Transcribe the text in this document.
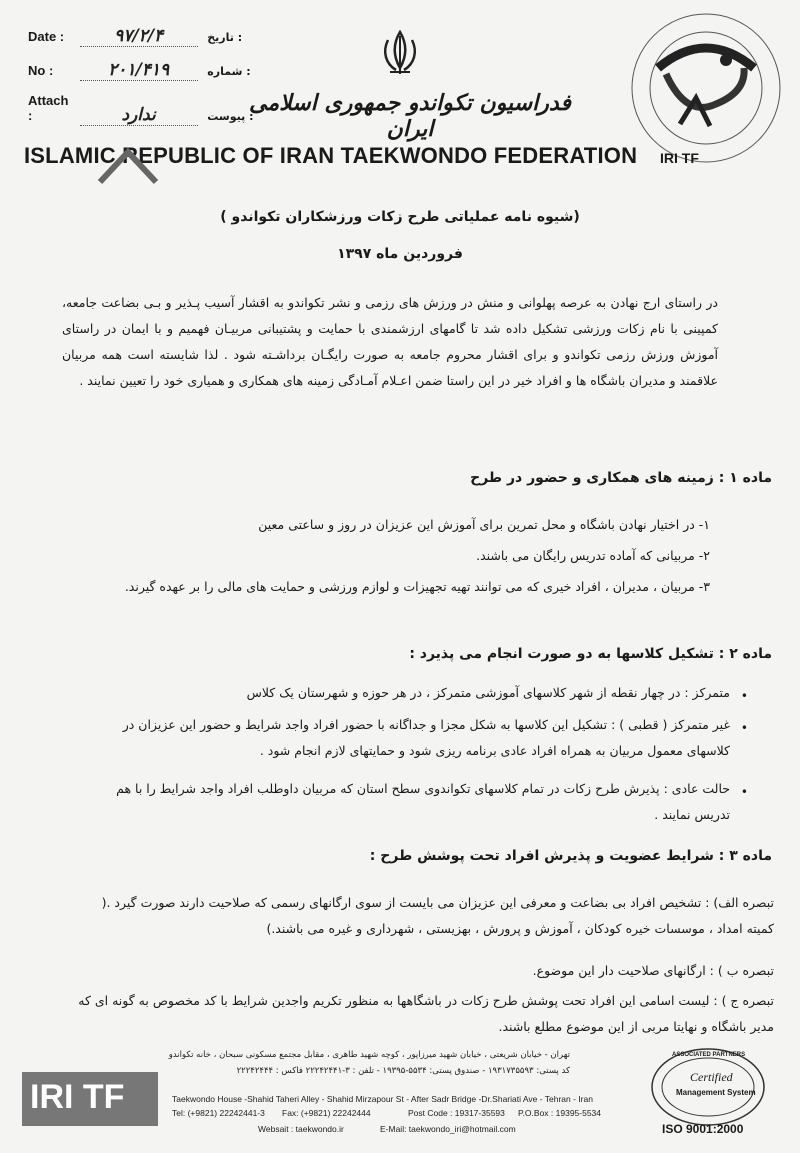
Date :	۹۷/۲/۴	تاریخ :
No :	۲۰۱/۴۱۹	شماره :
Attach :	ندارد	پیوست :
فدراسیون تکواندو جمهوری اسلامی ایران
ISLAMIC REPUBLIC OF IRAN TAEKWONDO FEDERATION IRI TF
(شیوه نامه عملیاتی طرح زکات ورزشکاران تکواندو )
فروردین ماه ۱۳۹۷
در راستای ارج نهادن به عرصه پهلوانی و منش در ورزش های رزمی و نشر تکواندو به اقشار آسیب پـذیر و بـی بضاعت جامعه، کمپینی با نام زکات ورزشی تشکیل داده شد تا گامهای ارزشمندی با حمایت و پشتیبانی مربیـان فهمیم و با ایمان در راستای آموزش ورزش رزمی تکواندو و برای اقشار محروم جامعه به صورت رایگـان برداشـته شود . لذا شایسته است همه مربیان علاقمند و مدیران باشگاه ها و افراد خیر در این راستا ضمن اعـلام آمـادگی زمینه های همکاری و همیاری خود را تعیین نمایند .
ماده ۱ : زمینه های همکاری و حضور در طرح
۱- در اختیار نهادن باشگاه و محل تمرین برای آموزش این عزیزان در روز و ساعتی معین
۲- مربیانی که آماده تدریس رایگان می باشند.
۳- مربیان ، مدیران ، افراد خیری که می توانند تهیه تجهیزات و لوازم ورزشی و حمایت های مالی را بر عهده گیرند.
ماده ۲ : تشکیل کلاسها به دو صورت انجام می پذیرد :
متمرکز : در چهار نقطه از شهر کلاسهای آموزشی متمرکز ، در هر حوزه و شهرستان یک کلاس
غیر متمرکز ( قطبی ) : تشکیل این کلاسها به شکل مجزا و جداگانه با حضور افراد واجد شرایط و حضور این عزیزان در کلاسهای معمول مربیان به همراه افراد عادی برنامه ریزی شود و حمایتهای لازم انجام شود .
حالت عادی : پذیرش طرح زکات در تمام کلاسهای تکواندوی سطح استان که مربیان داوطلب افراد واجد شرایط را با هم تدریس نمایند .
•
•
•
ماده ۳ : شرایط عضویت و پذیرش افراد تحت پوشش طرح :
تبصره الف) : تشخیص افراد بی بضاعت و معرفی این عزیزان می بایست از سوی ارگانهای رسمی که صلاحیت دارند صورت گیرد .( کمیته امداد ، موسسات خیره کودکان ، آموزش و پرورش ، بهزیستی ، شهرداری و غیره می باشند.)
تبصره ب ) : ارگانهای صلاحیت دار این موضوع.
تبصره ج ) : لیست اسامی این افراد تحت پوشش طرح زکات در باشگاهها به منظور تکریم واجدین شرایط با کد مخصوص به گونه ای که مدیر باشگاه و نهایتا مربی از این موضوع مطلع باشند.
IRI TF
تهران - خیابان شریعتی ، خیابان شهید میرزاپور ، کوچه شهید طاهری ، مقابل مجتمع مسکونی سبحان ، خانه تکواندو
کد پستی: ۱۹۳۱۷۳۵۵۹۳ - صندوق پستی: ۵۵۳۴-۱۹۳۹۵ - تلفن : ۳-۲۲۲۴۲۴۴۱ فاکس : ۲۲۲۴۲۴۴۴
Taekwondo House -Shahid Taheri Alley - Shahid Mirzapour St - After Sadr Bridge -Dr.Shariati Ave - Tehran - Iran
Tel: (+9821) 22242441-3 Fax: (+9821) 22242444	Post Code : 19317-35593 P.O.Box : 19395-5534
Websait : taekwondo.ir	E-Mail: taekwondo_iri@hotmail.com
ASSOCIATED PARTNERS
Certified
Management System
ISO 9001:2000
